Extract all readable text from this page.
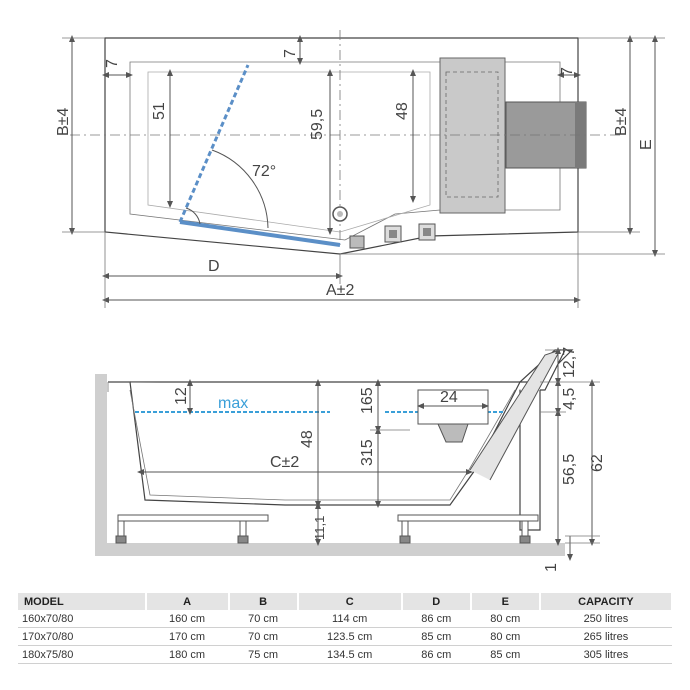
72°
7
7
7
51	59,5	48
B±4	B±4
E
D
A±2
max	24
12
48
165
315
C±2
11,1
12,7
4,5
56,5 62
1
MODEL	A	B	C	D	E	CAPACITY
160x70/80	160 cm	70 cm	114 cm	86 cm	80 cm	250 litres
170x70/80	170 cm	70 cm	123.5 cm	85 cm	80 cm	265 litres
180x75/80	180 cm	75 cm	134.5 cm	86 cm	85 cm	305 litres
